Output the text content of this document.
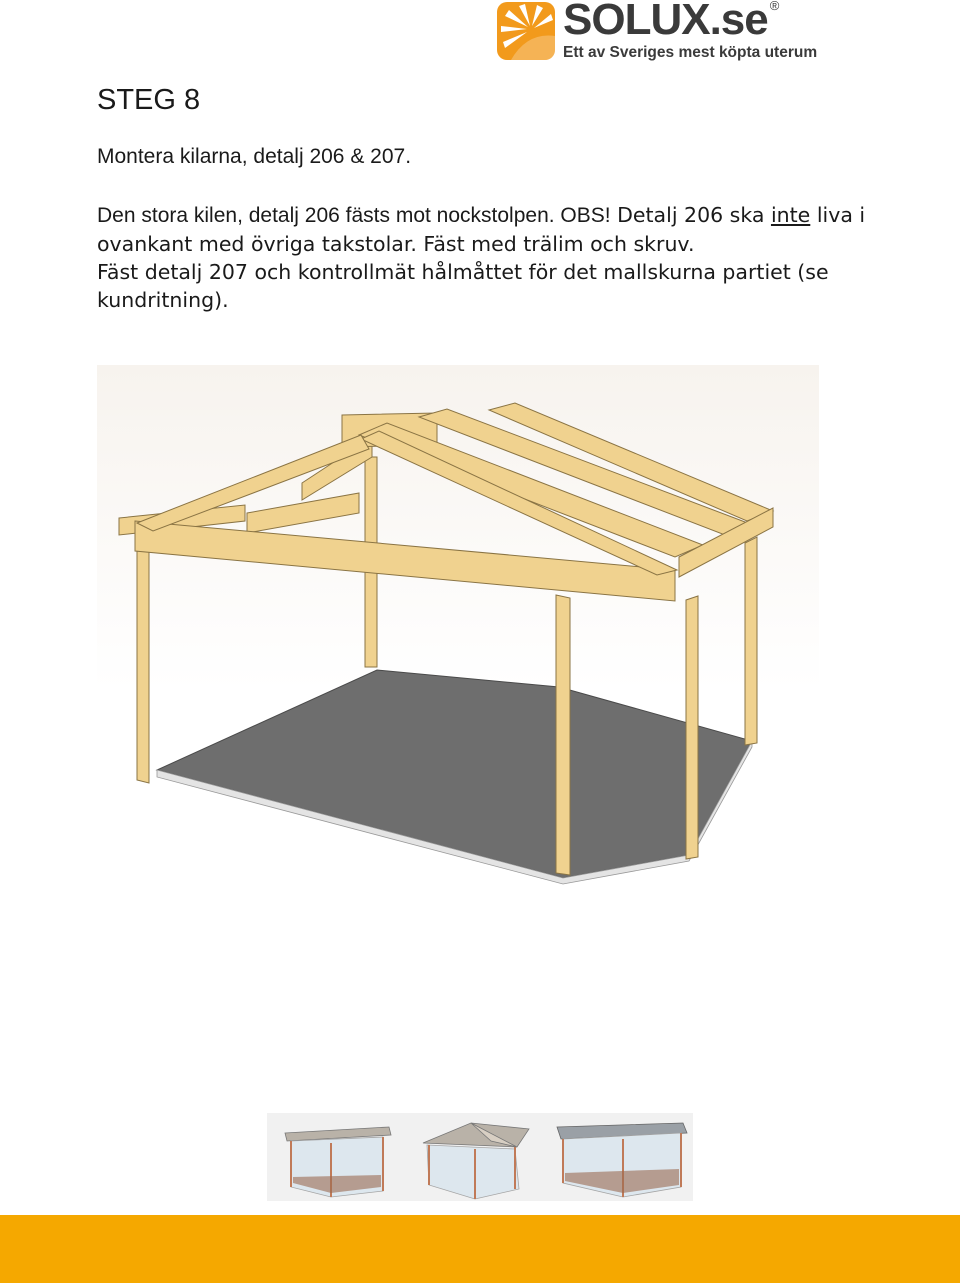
SOLUX.se ®
Ett av Sveriges mest köpta uterum
STEG 8

Montera kilarna, detalj 206 & 207.

Den stora kilen, detalj 206 fästs mot nockstolpen. OBS! Detalj 206 ska inte liva i ovankant med övriga takstolar. Fäst med trälim och skruv.
Fäst detalj 207 och kontrollmät hålmåttet för det mallskurna partiet (se kundritning).
